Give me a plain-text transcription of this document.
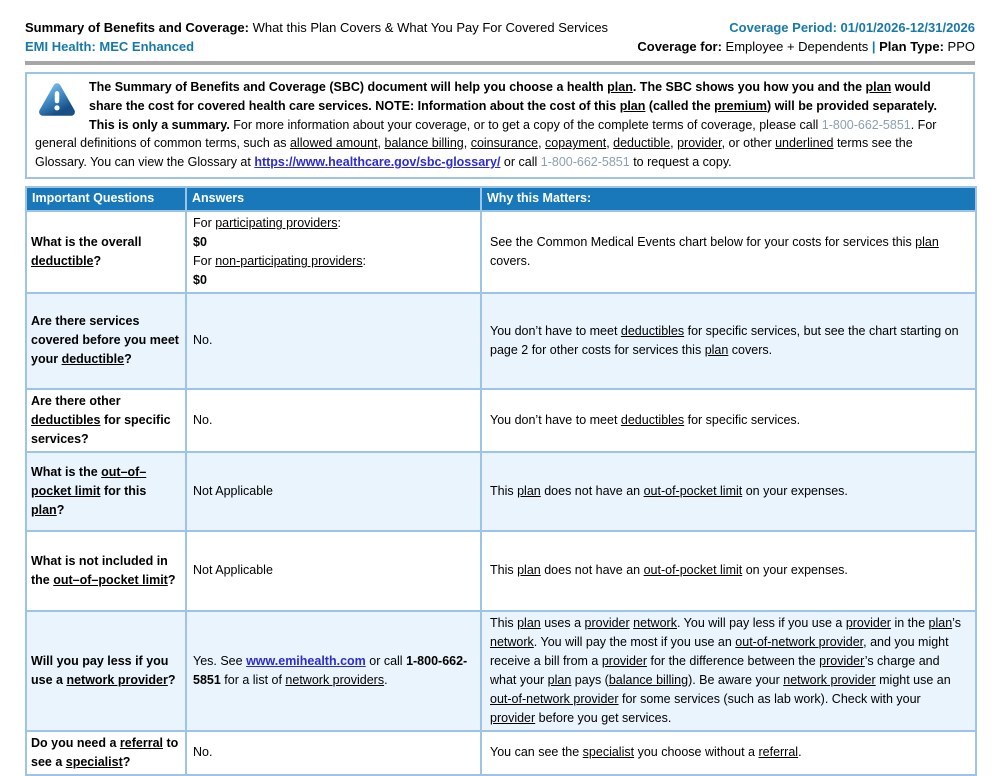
Summary of Benefits and Coverage: What this Plan Covers & What You Pay For Covered Services
EMI Health: MEC Enhanced
Coverage Period: 01/01/2026-12/31/2026
Coverage for: Employee + Dependents | Plan Type: PPO

The Summary of Benefits and Coverage (SBC) document will help you choose a health plan. The SBC shows you how you and the plan would share the cost for covered health care services. NOTE: Information about the cost of this plan (called the premium) will be provided separately.

This is only a summary. For more information about your coverage, or to get a copy of the complete terms of coverage, please call 1-800-662-5851. For general definitions of common terms, such as allowed amount, balance billing, coinsurance, copayment, deductible, provider, or other underlined terms see the Glossary. You can view the Glossary at https://www.healthcare.gov/sbc-glossary/ or call 1-800-662-5851 to request a copy.

Important Questions	Answers	Why this Matters:
What is the overall deductible?	For participating providers:
$0
For non-participating providers:
$0	See the Common Medical Events chart below for your costs for services this plan covers.
Are there services covered before you meet your deductible?	No.	You don’t have to meet deductibles for specific services, but see the chart starting on page 2 for other costs for services this plan covers.
Are there other deductibles for specific services?	No.	You don’t have to meet deductibles for specific services.
What is the out–of–pocket limit for this plan?	Not Applicable	This plan does not have an out-of-pocket limit on your expenses.
What is not included in the out–of–pocket limit?	Not Applicable	This plan does not have an out-of-pocket limit on your expenses.
Will you pay less if you use a network provider?	Yes. See www.emihealth.com or call 1-800-662-5851 for a list of network providers.	This plan uses a provider network. You will pay less if you use a provider in the plan’s network. You will pay the most if you use an out-of-network provider, and you might receive a bill from a provider for the difference between the provider’s charge and what your plan pays (balance billing). Be aware your network provider might use an out-of-network provider for some services (such as lab work). Check with your provider before you get services.
Do you need a referral to see a specialist?	No.	You can see the specialist you choose without a referral.
